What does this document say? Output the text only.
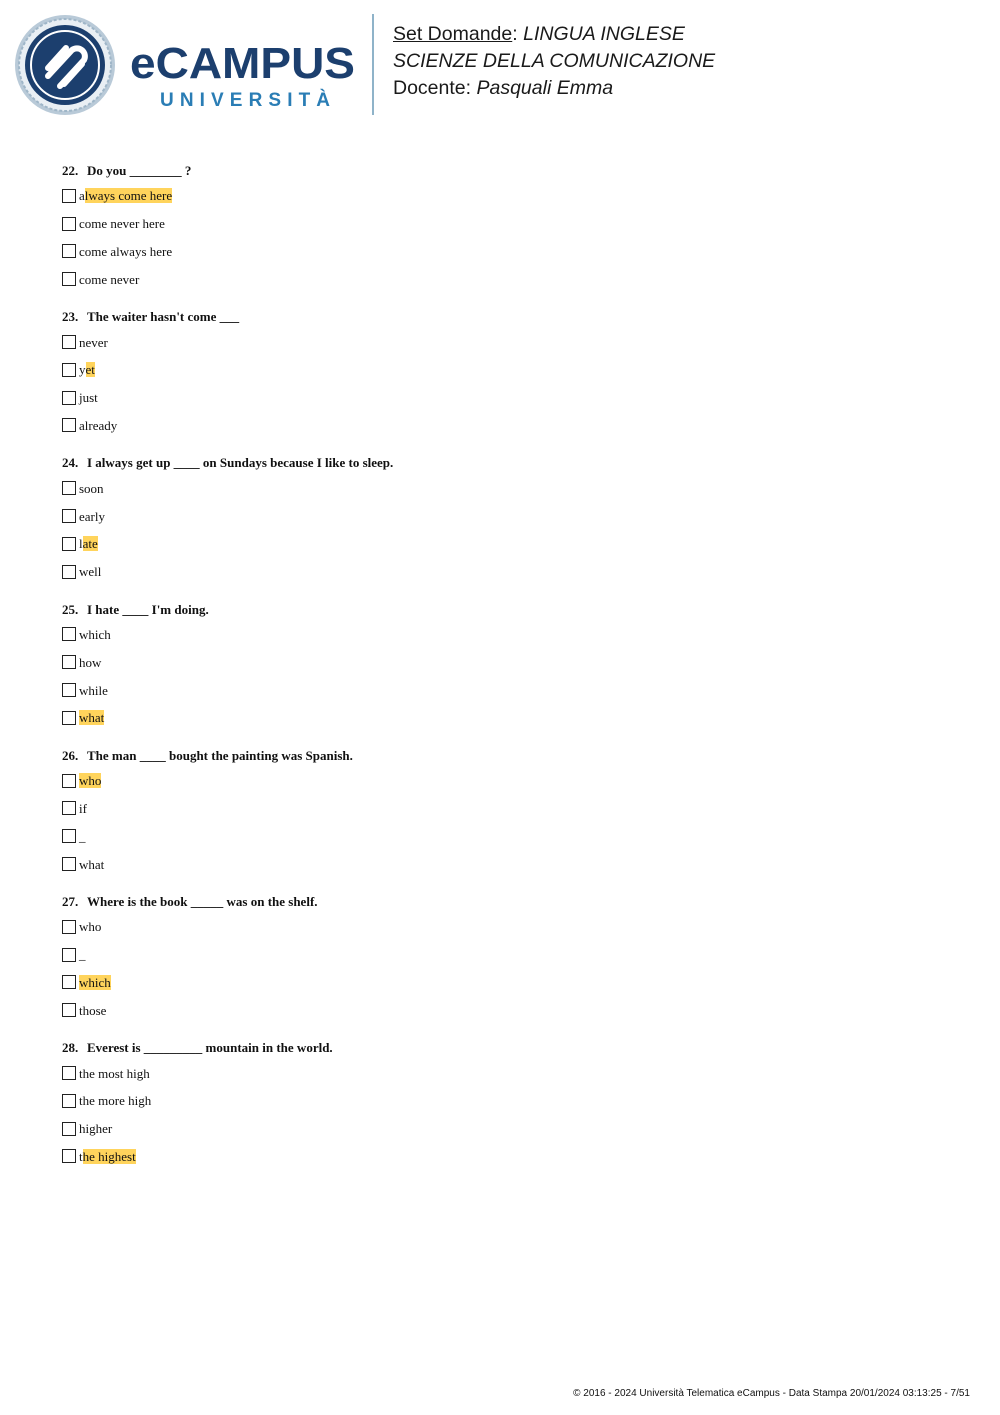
eCAMPUS
UNIVERSITÀ
Set Domande: LINGUA INGLESE
SCIENZE DELLA COMUNICAZIONE
Docente: Pasquali Emma
22. Do you ________ ?
always come here
come never here
come always here
come never
23. The waiter hasn't come ___
never
yet
just
already
24. I always get up ____ on Sundays because I like to sleep.
soon
early
late
well
25. I hate ____ I'm doing.
which
how
while
what
26. The man ____ bought the painting was Spanish.
who
if
_
what
27. Where is the book _____ was on the shelf.
who
_
which
those
28. Everest is _________ mountain in the world.
the most high
the more high
higher
the highest
© 2016 - 2024 Università Telematica eCampus - Data Stampa 20/01/2024 03:13:25 - 7/51
